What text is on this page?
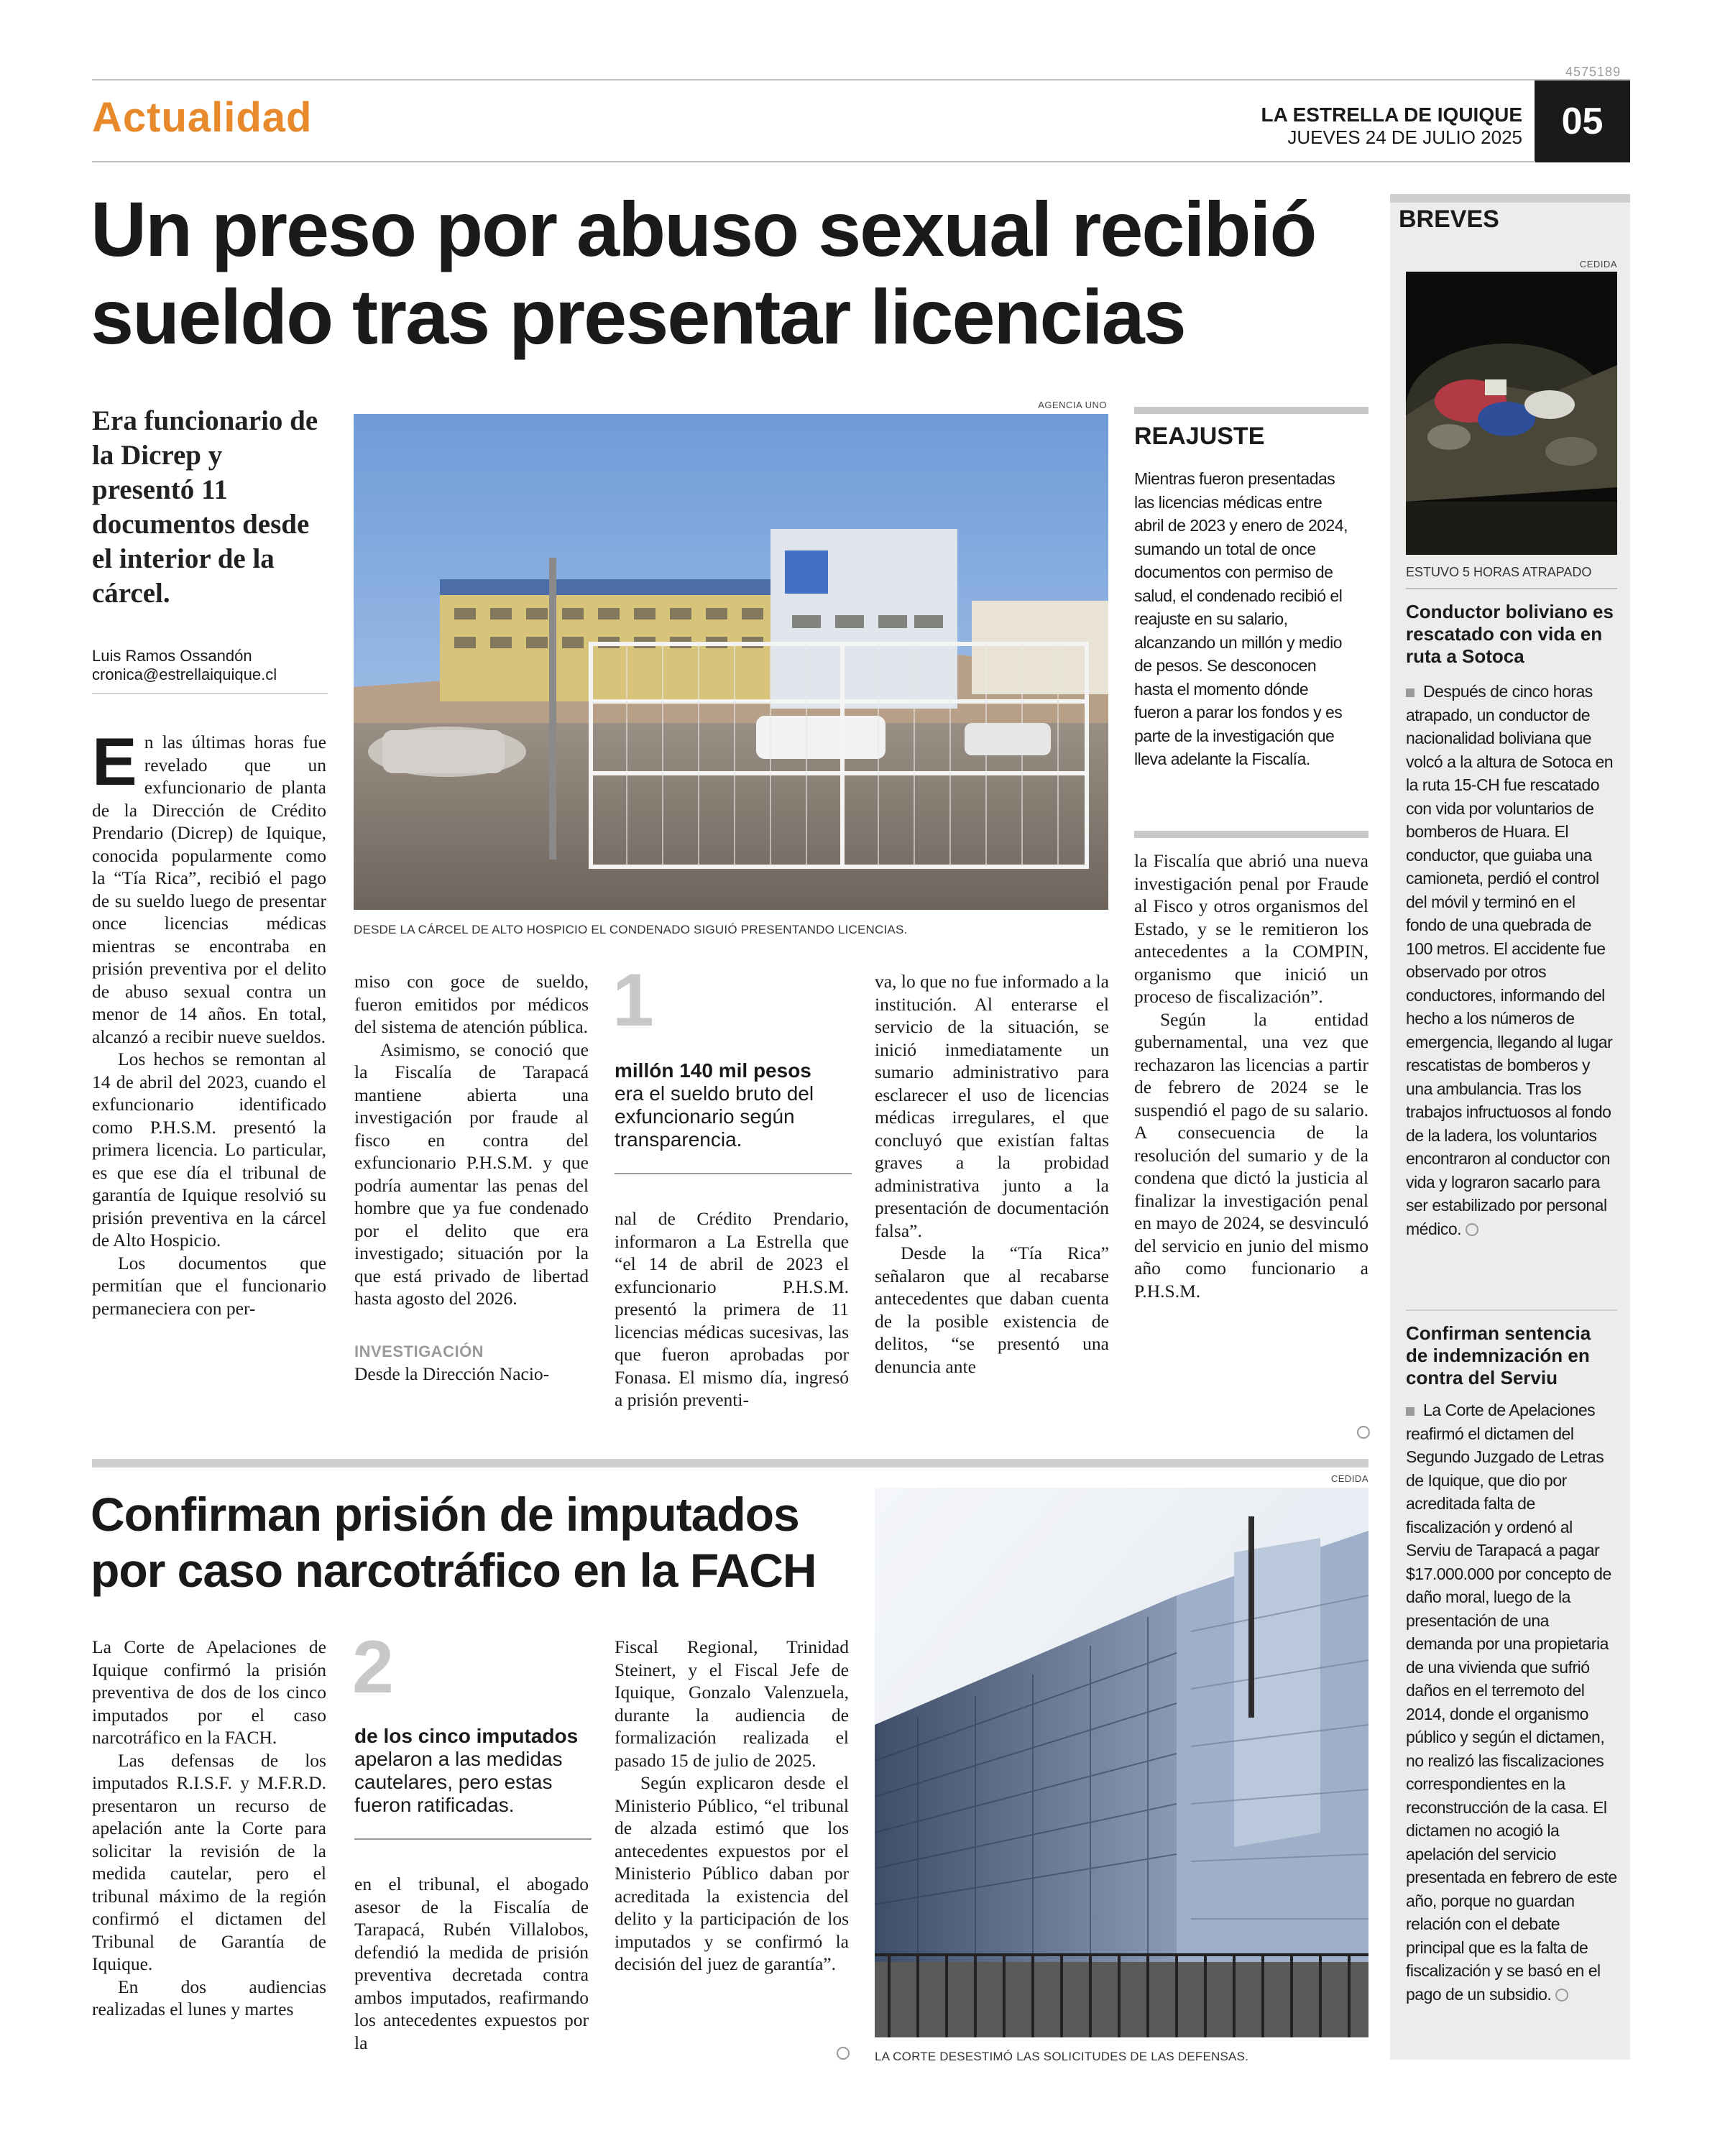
4575189
Actualidad	LA ESTRELLA DE IQUIQUE
JUEVES 24 DE JULIO 2025	05
Un preso por abuso sexual recibió
sueldo tras presentar licencias
Era funcionario de la Dicrep y presentó 11 documentos desde el interior de la cárcel.
Luis Ramos Ossandón
cronica@estrellaiquique.cl
AGENCIA UNO
DESDE LA CÁRCEL DE ALTO HOSPICIO EL CONDENADO SIGUIÓ PRESENTANDO LICENCIAS.

En las últimas horas fue revelado que un exfuncionario de planta de la Dirección de Crédito Prendario (Dicrep) de Iquique, conocida popularmente como la “Tía Rica”, recibió el pago de su sueldo luego de presentar once licencias médicas mientras se encontraba en prisión preventiva por el delito de abuso sexual contra un menor de 14 años. En total, alcanzó a recibir nueve sueldos.

Los hechos se remontan al 14 de abril del 2023, cuando el exfuncionario identificado como P.H.S.M. presentó la primera licencia. Lo particular, es que ese día el tribunal de garantía de Iquique resolvió su prisión preventiva en la cárcel de Alto Hospicio.

Los documentos que permitían que el funcionario permaneciera con per-

miso con goce de sueldo, fueron emitidos por médicos del sistema de atención pública.

Asimismo, se conoció que la Fiscalía de Tarapacá mantiene abierta una investigación por fraude al fisco en contra del exfuncionario P.H.S.M. y que podría aumentar las penas del hombre que ya fue condenado por el delito que era investigado; situación por la que está privado de libertad hasta agosto del 2026.

INVESTIGACIÓN

Desde la Dirección Nacio-

1
millón 140 mil pesos
era el sueldo bruto del exfuncionario según transparencia.

nal de Crédito Prendario, informaron a La Estrella que “el 14 de abril de 2023 el exfuncionario P.H.S.M. presentó la primera de 11 licencias médicas sucesivas, las que fueron aprobadas por Fonasa. El mismo día, ingresó a prisión preventi-

va, lo que no fue informado a la institución. Al enterarse el servicio de la situación, se inició inmediatamente un sumario administrativo para esclarecer el uso de licencias médicas irregulares, el que concluyó que existían faltas graves a la probidad administrativa junto a la presentación de documentación falsa”.

Desde la “Tía Rica” señalaron que al recabarse antecedentes que daban cuenta de la posible existencia de delitos, “se presentó una denuncia ante

REAJUSTE
Mientras fueron presentadas las licencias médicas entre abril de 2023 y enero de 2024, sumando un total de once documentos con permiso de salud, el condenado recibió el reajuste en su salario, alcanzando un millón y medio de pesos. Se desconocen hasta el momento dónde fueron a parar los fondos y es parte de la investigación que lleva adelante la Fiscalía.

la Fiscalía que abrió una nueva investigación penal por Fraude al Fisco y otros organismos del Estado, y se le remitieron los antecedentes a la COMPIN, organismo que inició un proceso de fiscalización”.

Según la entidad gubernamental, una vez que rechazaron las licencias a partir de febrero de 2024 se le suspendió el pago de su salario. A consecuencia de la resolución del sumario y de la condena que dictó la justicia al finalizar la investigación penal en mayo de 2024, se desvinculó del servicio en junio del mismo año como funcionario a P.H.S.M.

Confirman prisión de imputados
por caso narcotráfico en la FACH

La Corte de Apelaciones de Iquique confirmó la prisión preventiva de dos de los cinco imputados por el caso narcotráfico en la FACH.

Las defensas de los imputados R.I.S.F. y M.F.R.D. presentaron un recurso de apelación ante la Corte para solicitar la revisión de la medida cautelar, pero el tribunal máximo de la región confirmó el dictamen del Tribunal de Garantía de Iquique.

En dos audiencias realizadas el lunes y martes

2
de los cinco imputados
apelaron a las medidas cautelares, pero estas fueron ratificadas.

en el tribunal, el abogado asesor de la Fiscalía de Tarapacá, Rubén Villalobos, defendió la medida de prisión preventiva decretada contra ambos imputados, reafirmando los antecedentes expuestos por la

Fiscal Regional, Trinidad Steinert, y el Fiscal Jefe de Iquique, Gonzalo Valenzuela, durante la audiencia de formalización realizada el pasado 15 de julio de 2025.

Según explicaron desde el Ministerio Público, “el tribunal de alzada estimó que los antecedentes expuestos por el Ministerio Público daban por acreditada la existencia del delito y la participación de los imputados y se confirmó la decisión del juez de garantía”.

CEDIDA
LA CORTE DESESTIMÓ LAS SOLICITUDES DE LAS DEFENSAS.
BREVES
CEDIDA
ESTUVO 5 HORAS ATRAPADO
Conductor boliviano es rescatado con vida en ruta a Sotoca
Después de cinco horas atrapado, un conductor de nacionalidad boliviana que volcó a la altura de Sotoca en la ruta 15-CH fue rescatado con vida por voluntarios de bomberos de Huara. El conductor, que guiaba una camioneta, perdió el control del móvil y terminó en el fondo de una quebrada de 100 metros. El accidente fue observado por otros conductores, informando del hecho a los números de emergencia, llegando al lugar rescatistas de bomberos y una ambulancia. Tras los trabajos infructuosos al fondo de la ladera, los voluntarios encontraron al conductor con vida y lograron sacarlo para ser estabilizado por personal médico.
Confirman sentencia de indemnización en contra del Serviu
La Corte de Apelaciones reafirmó el dictamen del Segundo Juzgado de Letras de Iquique, que dio por acreditada falta de fiscalización y ordenó al Serviu de Tarapacá a pagar $17.000.000 por concepto de daño moral, luego de la presentación de una demanda por una propietaria de una vivienda que sufrió daños en el terremoto del 2014, donde el organismo público y según el dictamen, no realizó las fiscalizaciones correspondientes en la reconstrucción de la casa. El dictamen no acogió la apelación del servicio presentada en febrero de este año, porque no guardan relación con el debate principal que es la falta de fiscalización y se basó en el pago de un subsidio.
